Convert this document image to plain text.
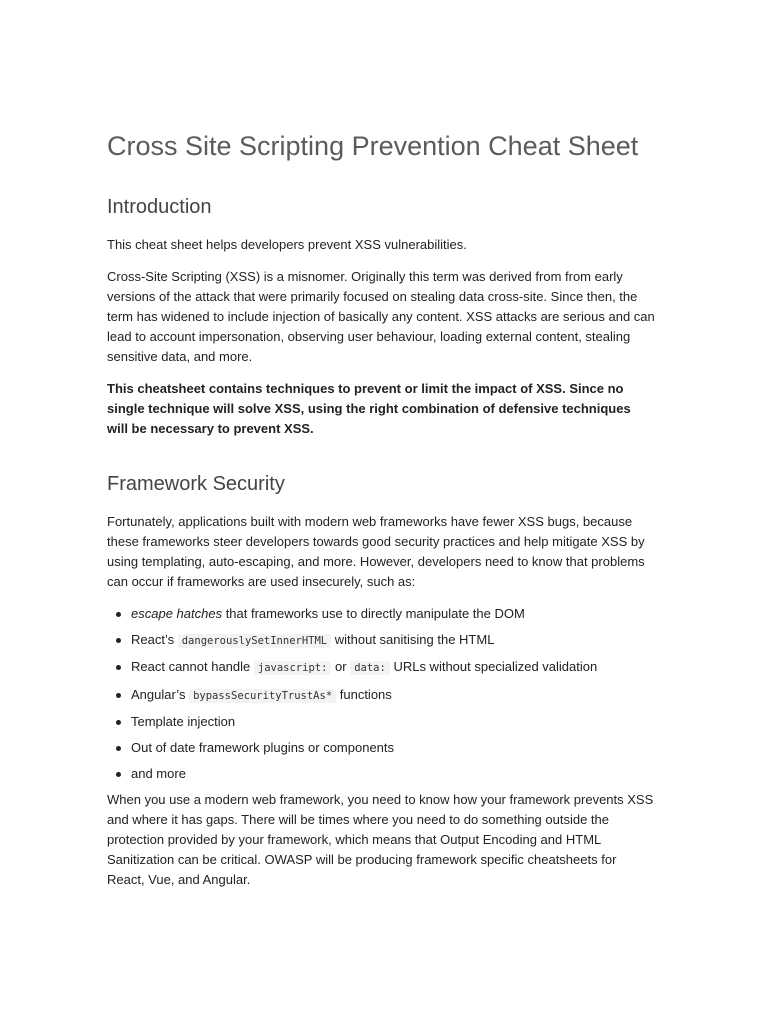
Cross Site Scripting Prevention Cheat Sheet
Introduction

This cheat sheet helps developers prevent XSS vulnerabilities.

Cross-Site Scripting (XSS) is a misnomer. Originally this term was derived from from early versions of the attack that were primarily focused on stealing data cross-site. Since then, the term has widened to include injection of basically any content. XSS attacks are serious and can lead to account impersonation, observing user behaviour, loading external content, stealing sensitive data, and more.

This cheatsheet contains techniques to prevent or limit the impact of XSS. Since no single technique will solve XSS, using the right combination of defensive techniques will be necessary to prevent XSS.

Framework Security

Fortunately, applications built with modern web frameworks have fewer XSS bugs, because these frameworks steer developers towards good security practices and help mitigate XSS by using templating, auto-escaping, and more. However, developers need to know that problems can occur if frameworks are used insecurely, such as:

escape hatches that frameworks use to directly manipulate the DOM
React’s dangerouslySetInnerHTML without sanitising the HTML
React cannot handle javascript: or data: URLs without specialized validation
Angular’s bypassSecurityTrustAs* functions
Template injection
Out of date framework plugins or components
and more

When you use a modern web framework, you need to know how your framework prevents XSS and where it has gaps. There will be times where you need to do something outside the protection provided by your framework, which means that Output Encoding and HTML Sanitization can be critical. OWASP will be producing framework specific cheatsheets for React, Vue, and Angular.
